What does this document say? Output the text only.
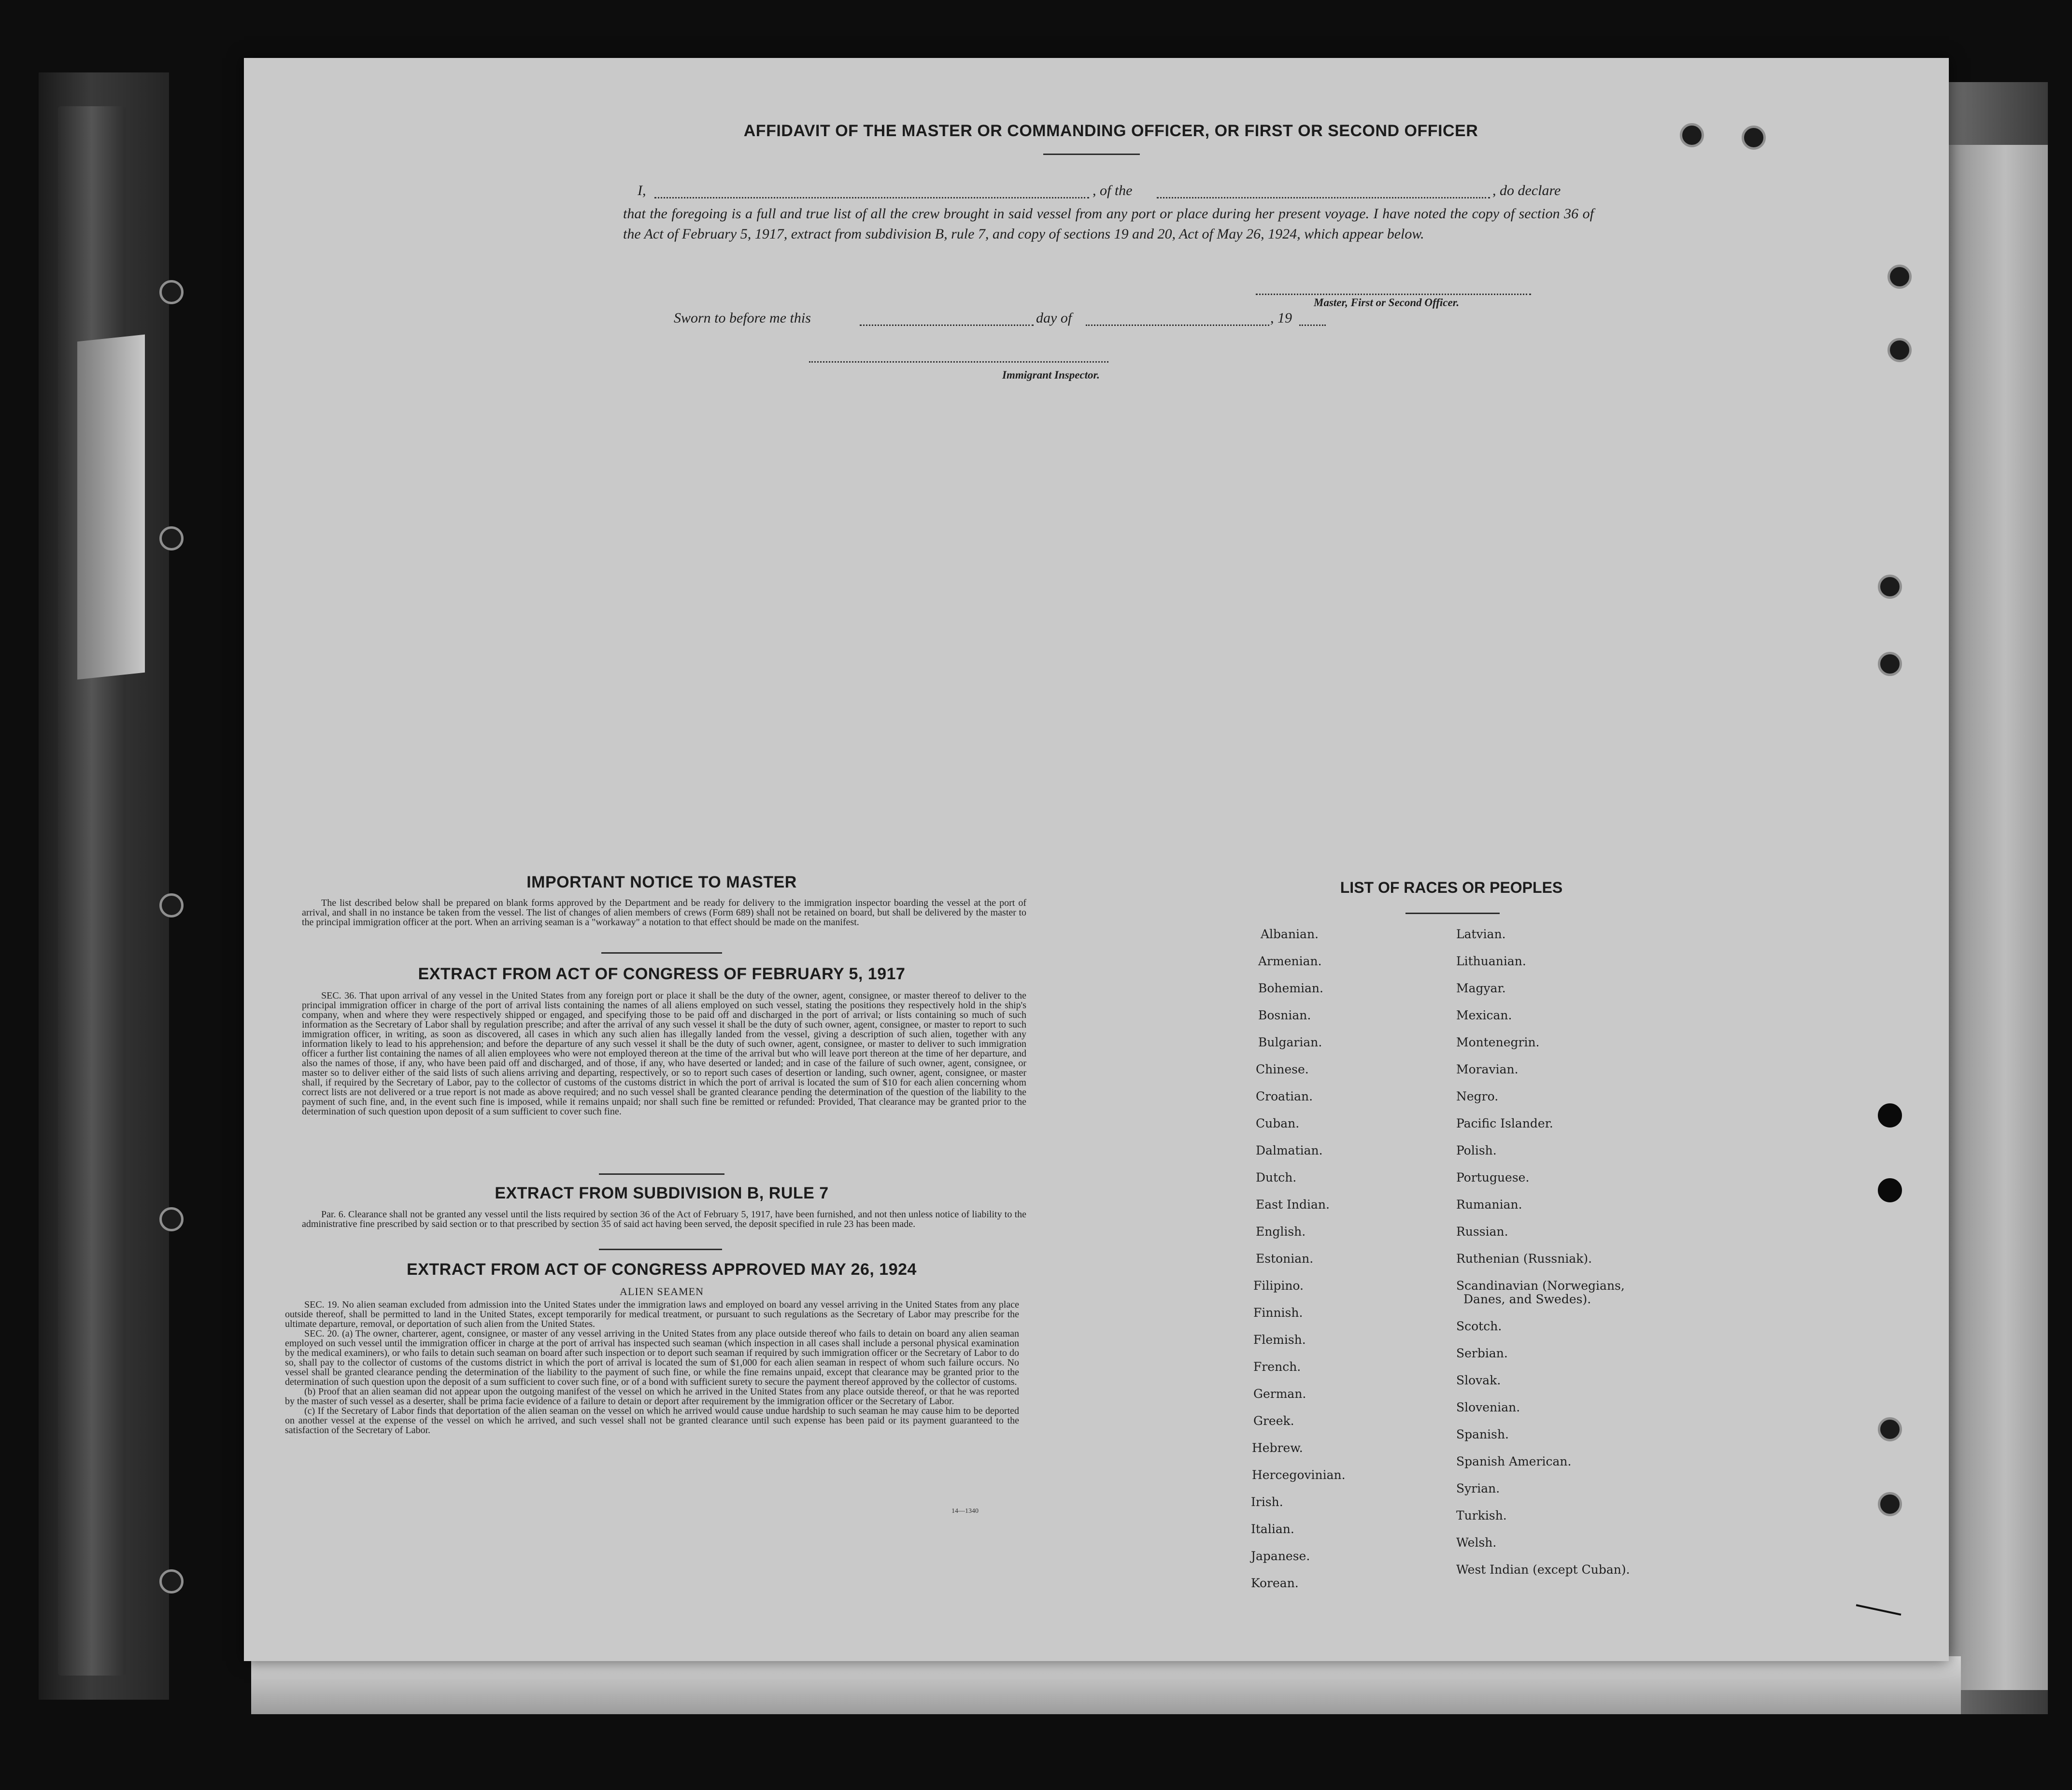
AFFIDAVIT OF THE MASTER OR COMMANDING OFFICER, OR FIRST OR SECOND OFFICER
I,	, of the	, do declare
that the foregoing is a full and true list of all the crew brought in said vessel from any port or place during her present voyage. I have noted the copy of section 36 of the Act of February 5, 1917, extract from subdivision B, rule 7, and copy of sections 19 and 20, Act of May 26, 1924, which appear below.
Master, First or Second Officer.
Sworn to before me this	day of	, 19
Immigrant Inspector.
IMPORTANT NOTICE TO MASTER

The list described below shall be prepared on blank forms approved by the Department and be ready for delivery to the immigration inspector boarding the vessel at the port of arrival, and shall in no instance be taken from the vessel. The list of changes of alien members of crews (Form 689) shall not be retained on board, but shall be delivered by the master to the principal immigration officer at the port. When an arriving seaman is a "workaway" a notation to that effect should be made on the manifest.

EXTRACT FROM ACT OF CONGRESS OF FEBRUARY 5, 1917

SEC. 36. That upon arrival of any vessel in the United States from any foreign port or place it shall be the duty of the owner, agent, consignee, or master thereof to deliver to the principal immigration officer in charge of the port of arrival lists containing the names of all aliens employed on such vessel, stating the positions they respectively hold in the ship's company, when and where they were respectively shipped or engaged, and specifying those to be paid off and discharged in the port of arrival; or lists containing so much of such information as the Secretary of Labor shall by regulation prescribe; and after the arrival of any such vessel it shall be the duty of such owner, agent, consignee, or master to report to such immigration officer, in writing, as soon as discovered, all cases in which any such alien has illegally landed from the vessel, giving a description of such alien, together with any information likely to lead to his apprehension; and before the departure of any such vessel it shall be the duty of such owner, agent, consignee, or master to deliver to such immigration officer a further list containing the names of all alien employees who were not employed thereon at the time of the arrival but who will leave port thereon at the time of her departure, and also the names of those, if any, who have been paid off and discharged, and of those, if any, who have deserted or landed; and in case of the failure of such owner, agent, consignee, or master so to deliver either of the said lists of such aliens arriving and departing, respectively, or so to report such cases of desertion or landing, such owner, agent, consignee, or master shall, if required by the Secretary of Labor, pay to the collector of customs of the customs district in which the port of arrival is located the sum of $10 for each alien concerning whom correct lists are not delivered or a true report is not made as above required; and no such vessel shall be granted clearance pending the determination of the question of the liability to the payment of such fine, and, in the event such fine is imposed, while it remains unpaid; nor shall such fine be remitted or refunded: Provided, That clearance may be granted prior to the determination of such question upon deposit of a sum sufficient to cover such fine.

EXTRACT FROM SUBDIVISION B, RULE 7

Par. 6. Clearance shall not be granted any vessel until the lists required by section 36 of the Act of February 5, 1917, have been furnished, and not then unless notice of liability to the administrative fine prescribed by said section or to that prescribed by section 35 of said act having been served, the deposit specified in rule 23 has been made.

EXTRACT FROM ACT OF CONGRESS APPROVED MAY 26, 1924
ALIEN SEAMEN

SEC. 19. No alien seaman excluded from admission into the United States under the immigration laws and employed on board any vessel arriving in the United States from any place outside thereof, shall be permitted to land in the United States, except temporarily for medical treatment, or pursuant to such regulations as the Secretary of Labor may prescribe for the ultimate departure, removal, or deportation of such alien from the United States.

SEC. 20. (a) The owner, charterer, agent, consignee, or master of any vessel arriving in the United States from any place outside thereof who fails to detain on board any alien seaman employed on such vessel until the immigration officer in charge at the port of arrival has inspected such seaman (which inspection in all cases shall include a personal physical examination by the medical examiners), or who fails to detain such seaman on board after such inspection or to deport such seaman if required by such immigration officer or the Secretary of Labor to do so, shall pay to the collector of customs of the customs district in which the port of arrival is located the sum of $1,000 for each alien seaman in respect of whom such failure occurs. No vessel shall be granted clearance pending the determination of the liability to the payment of such fine, or while the fine remains unpaid, except that clearance may be granted prior to the determination of such question upon the deposit of a sum sufficient to cover such fine, or of a bond with sufficient surety to secure the payment thereof approved by the collector of customs.

(b) Proof that an alien seaman did not appear upon the outgoing manifest of the vessel on which he arrived in the United States from any place outside thereof, or that he was reported by the master of such vessel as a deserter, shall be prima facie evidence of a failure to detain or deport after requirement by the immigration officer or the Secretary of Labor.

(c) If the Secretary of Labor finds that deportation of the alien seaman on the vessel on which he arrived would cause undue hardship to such seaman he may cause him to be deported on another vessel at the expense of the vessel on which he arrived, and such vessel shall not be granted clearance until such expense has been paid or its payment guaranteed to the satisfaction of the Secretary of Labor.

14—1340
LIST OF RACES OR PEOPLES
Albanian.
Armenian.
Bohemian.
Bosnian.
Bulgarian.
Chinese.
Croatian.
Cuban.
Dalmatian.
Dutch.
East Indian.
English.
Estonian.
Filipino.
Finnish.
Flemish.
French.
German.
Greek.
Hebrew.
Hercegovinian.
Irish.
Italian.
Japanese.
Korean.
Latvian.
Lithuanian.
Magyar.
Mexican.
Montenegrin.
Moravian.
Negro.
Pacific Islander.
Polish.
Portuguese.
Rumanian.
Russian.
Ruthenian (Russniak).
Scandinavian (Norwegians,
Danes, and Swedes).
Scotch.
Serbian.
Slovak.
Slovenian.
Spanish.
Spanish American.
Syrian.
Turkish.
Welsh.
West Indian (except Cuban).
